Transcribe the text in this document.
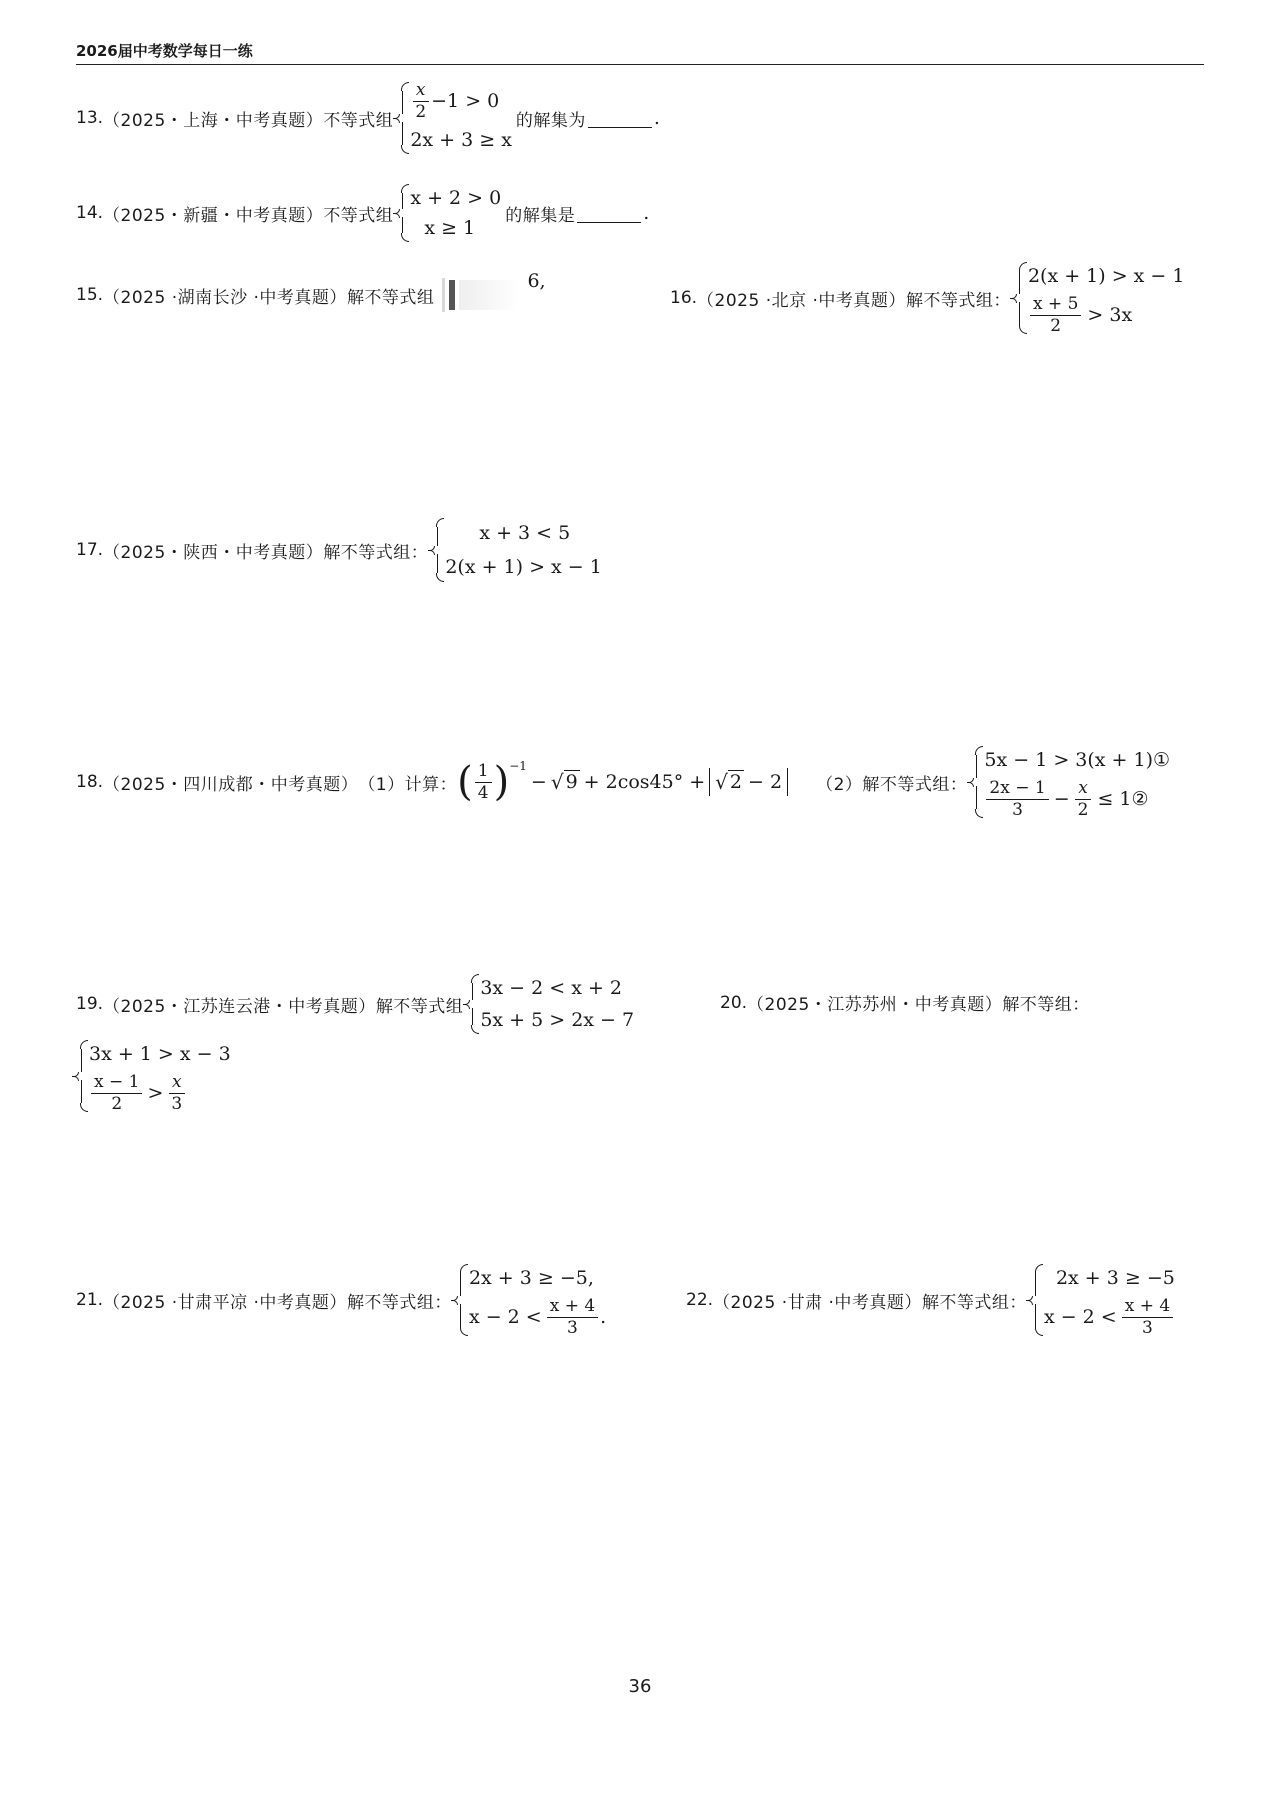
2026届中考数学每日一练
13. （2025・上海・中考真题） 不等式组 $\frac{x}{2} -1 > 0$
2x + 3 ≥ x
的解集为	.
14. （2025・新疆・中考真题） 不等式组
x + 2 > 0
x ≥ 1
的解集是	.
15. （2025 ·湖南长沙 ·中考真题） 解不等式组
6,
16. （2025 ·北京 ·中考真题） 解不等式组：
2(x + 1) > x − 1
$\frac{x + 5}{2} > 3x$
17. （2025・陕西・中考真题） 解不等式组：
x + 3 < 5
2(x + 1) > x − 1
18. （2025・四川成都・中考真题） （1）计算： ( $\frac{1}{4}$ ) −1
− √ 9 + 2cos45° + √ 2 − 2 （2）解不等式组：
5x − 1 > 3(x + 1)①
$\frac{2x - 1}{3} - \frac{x}{2}$ ≤ 1②
19. （2025・江苏连云港・中考真题） 解不等式组
3x − 2 < x + 2
5x + 5 > 2x − 7
20. （2025・江苏苏州・中考真题） 解不等组：
3x + 1 > x − 3
$\frac{x - 1}{2} > \frac{x}{3}$
21. （2025 ·甘肃平凉 ·中考真题） 解不等式组：
2x + 3 ≥ −5,
$x - 2 < \frac{x + 4}{3}$ .
22. （2025 ·甘肃 ·中考真题） 解不等式组：
2x + 3 ≥ −5
$x - 2 < \frac{x + 4}{3}$
36
